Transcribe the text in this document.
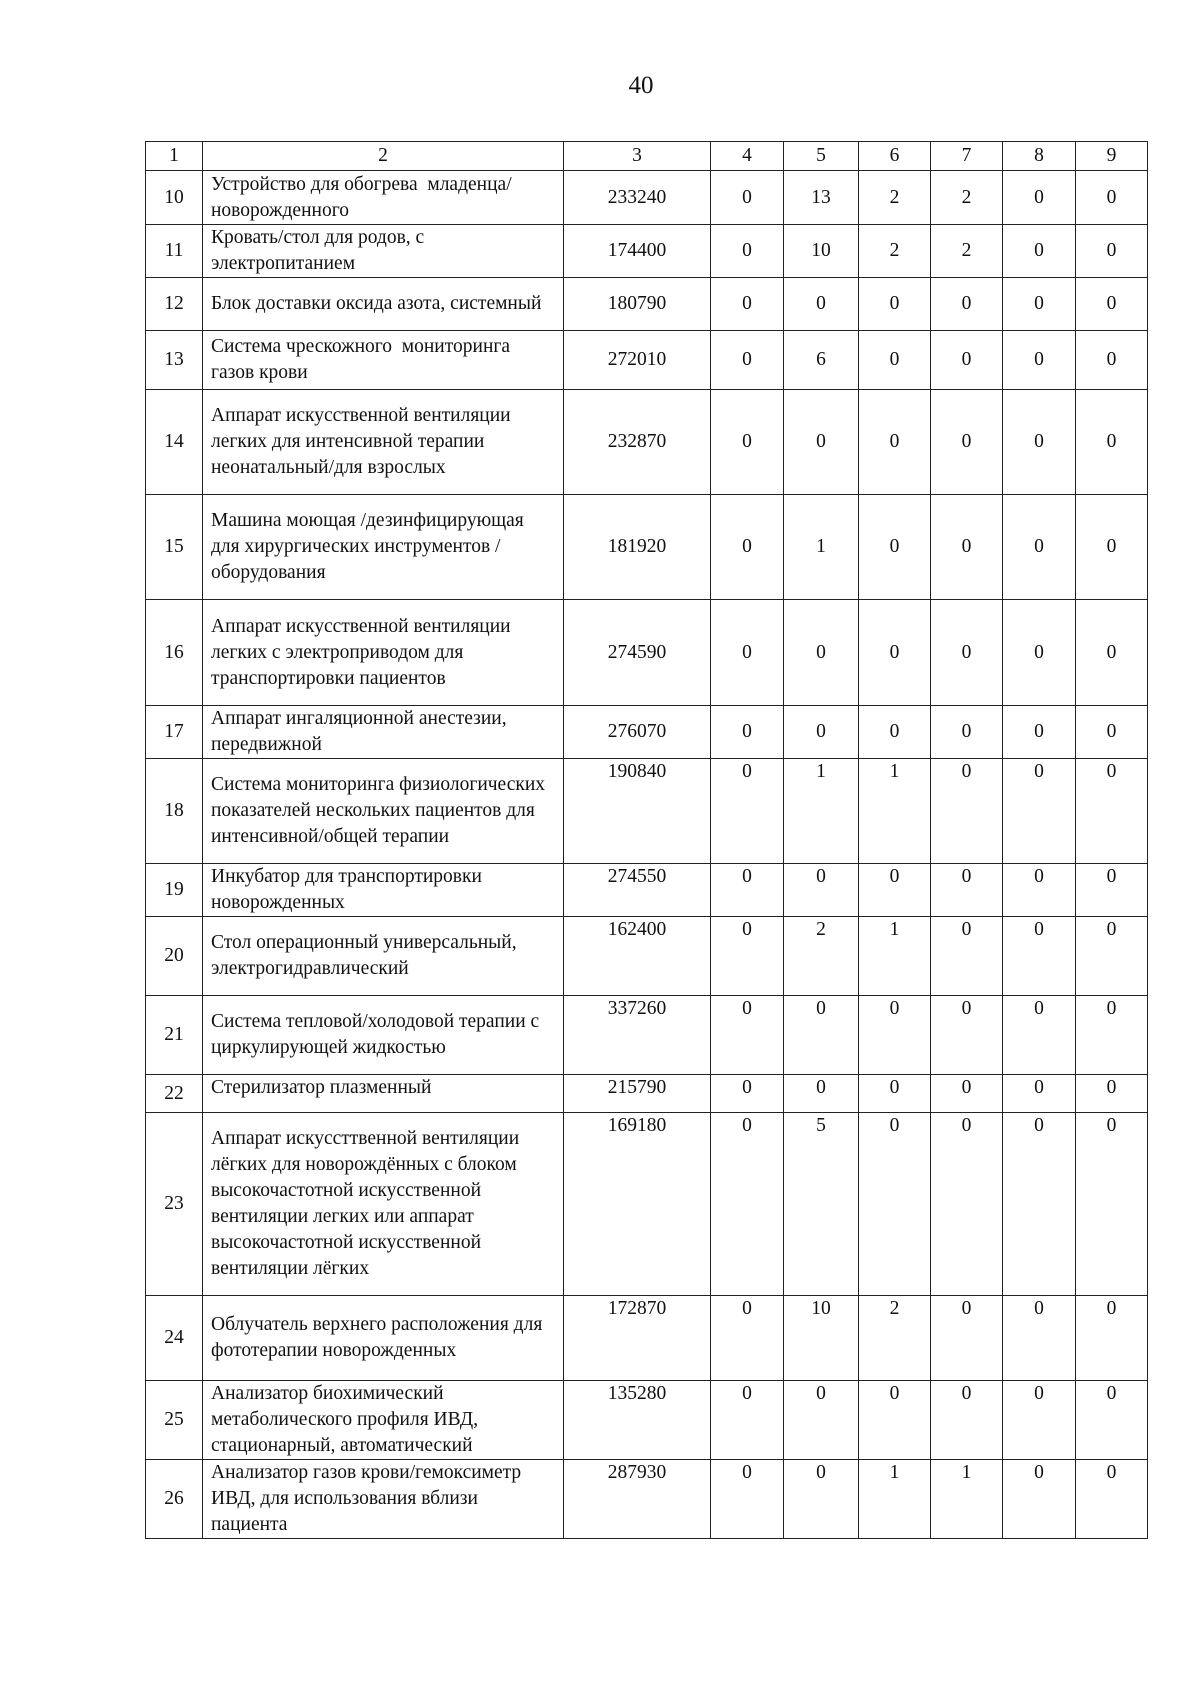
40
1	2	3	4	5	6	7	8	9
10	Устройство для обогрева  младенца/новорожденного	233240	0	13	2	2	0	0
11	Кровать/стол для родов, с электропитанием	174400	0	10	2	2	0	0
12	Блок доставки оксида азота, системный	180790	0	0	0	0	0	0
13	Система чрескожного  мониторинга газов крови	272010	0	6	0	0	0	0
14	Аппарат искусственной вентиляции легких для интенсивной терапии неонатальный/для взрослых	232870	0	0	0	0	0	0
15	Машина моющая /дезинфицирующая для хирургических инструментов /оборудования	181920	0	1	0	0	0	0
16	Аппарат искусственной вентиляции легких с электроприводом для транспортировки пациентов	274590	0	0	0	0	0	0
17	Аппарат ингаляционной анестезии, передвижной	276070	0	0	0	0	0	0
18	Система мониторинга физиологических показателей нескольких пациентов для интенсивной/общей терапии	190840	0	1	1	0	0	0
19	Инкубатор для транспортировки новорожденных	274550	0	0	0	0	0	0
20	Стол операционный универсальный, электрогидравлический	162400	0	2	1	0	0	0
21	Система тепловой/холодовой терапии с циркулирующей жидкостью	337260	0	0	0	0	0	0
22	Стерилизатор плазменный	215790	0	0	0	0	0	0
23	Аппарат искуссттвенной вентиляции лёгких для новорождённых с блоком высокочастотной искусственной вентиляции легких или аппарат высокочастотной искусственной вентиляции лёгких	169180	0	5	0	0	0	0
24	Облучатель верхнего расположения для фототерапии новорожденных	172870	0	10	2	0	0	0
25	Анализатор биохимический метаболического профиля ИВД, стационарный, автоматический	135280	0	0	0	0	0	0
26	Анализатор газов крови/гемоксиметр ИВД, для использования вблизи пациента	287930	0	0	1	1	0	0
